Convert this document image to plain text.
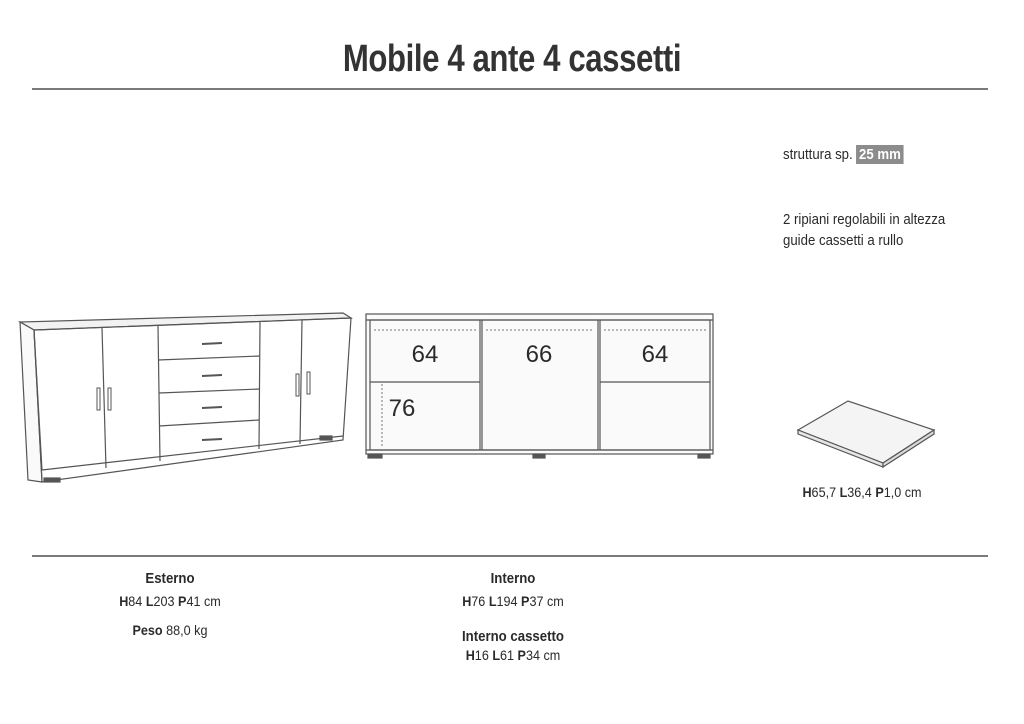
Mobile 4 ante 4 cassetti
struttura sp. 25 mm
2 ripiani regolabili in altezza
guide cassetti a rullo
64	66	64
76
H65,7 L36,4 P1,0 cm
Esterno
H84 L203 P41 cm
Peso 88,0 kg
Interno
H76 L194 P37 cm
Interno cassetto
H16 L61 P34 cm
